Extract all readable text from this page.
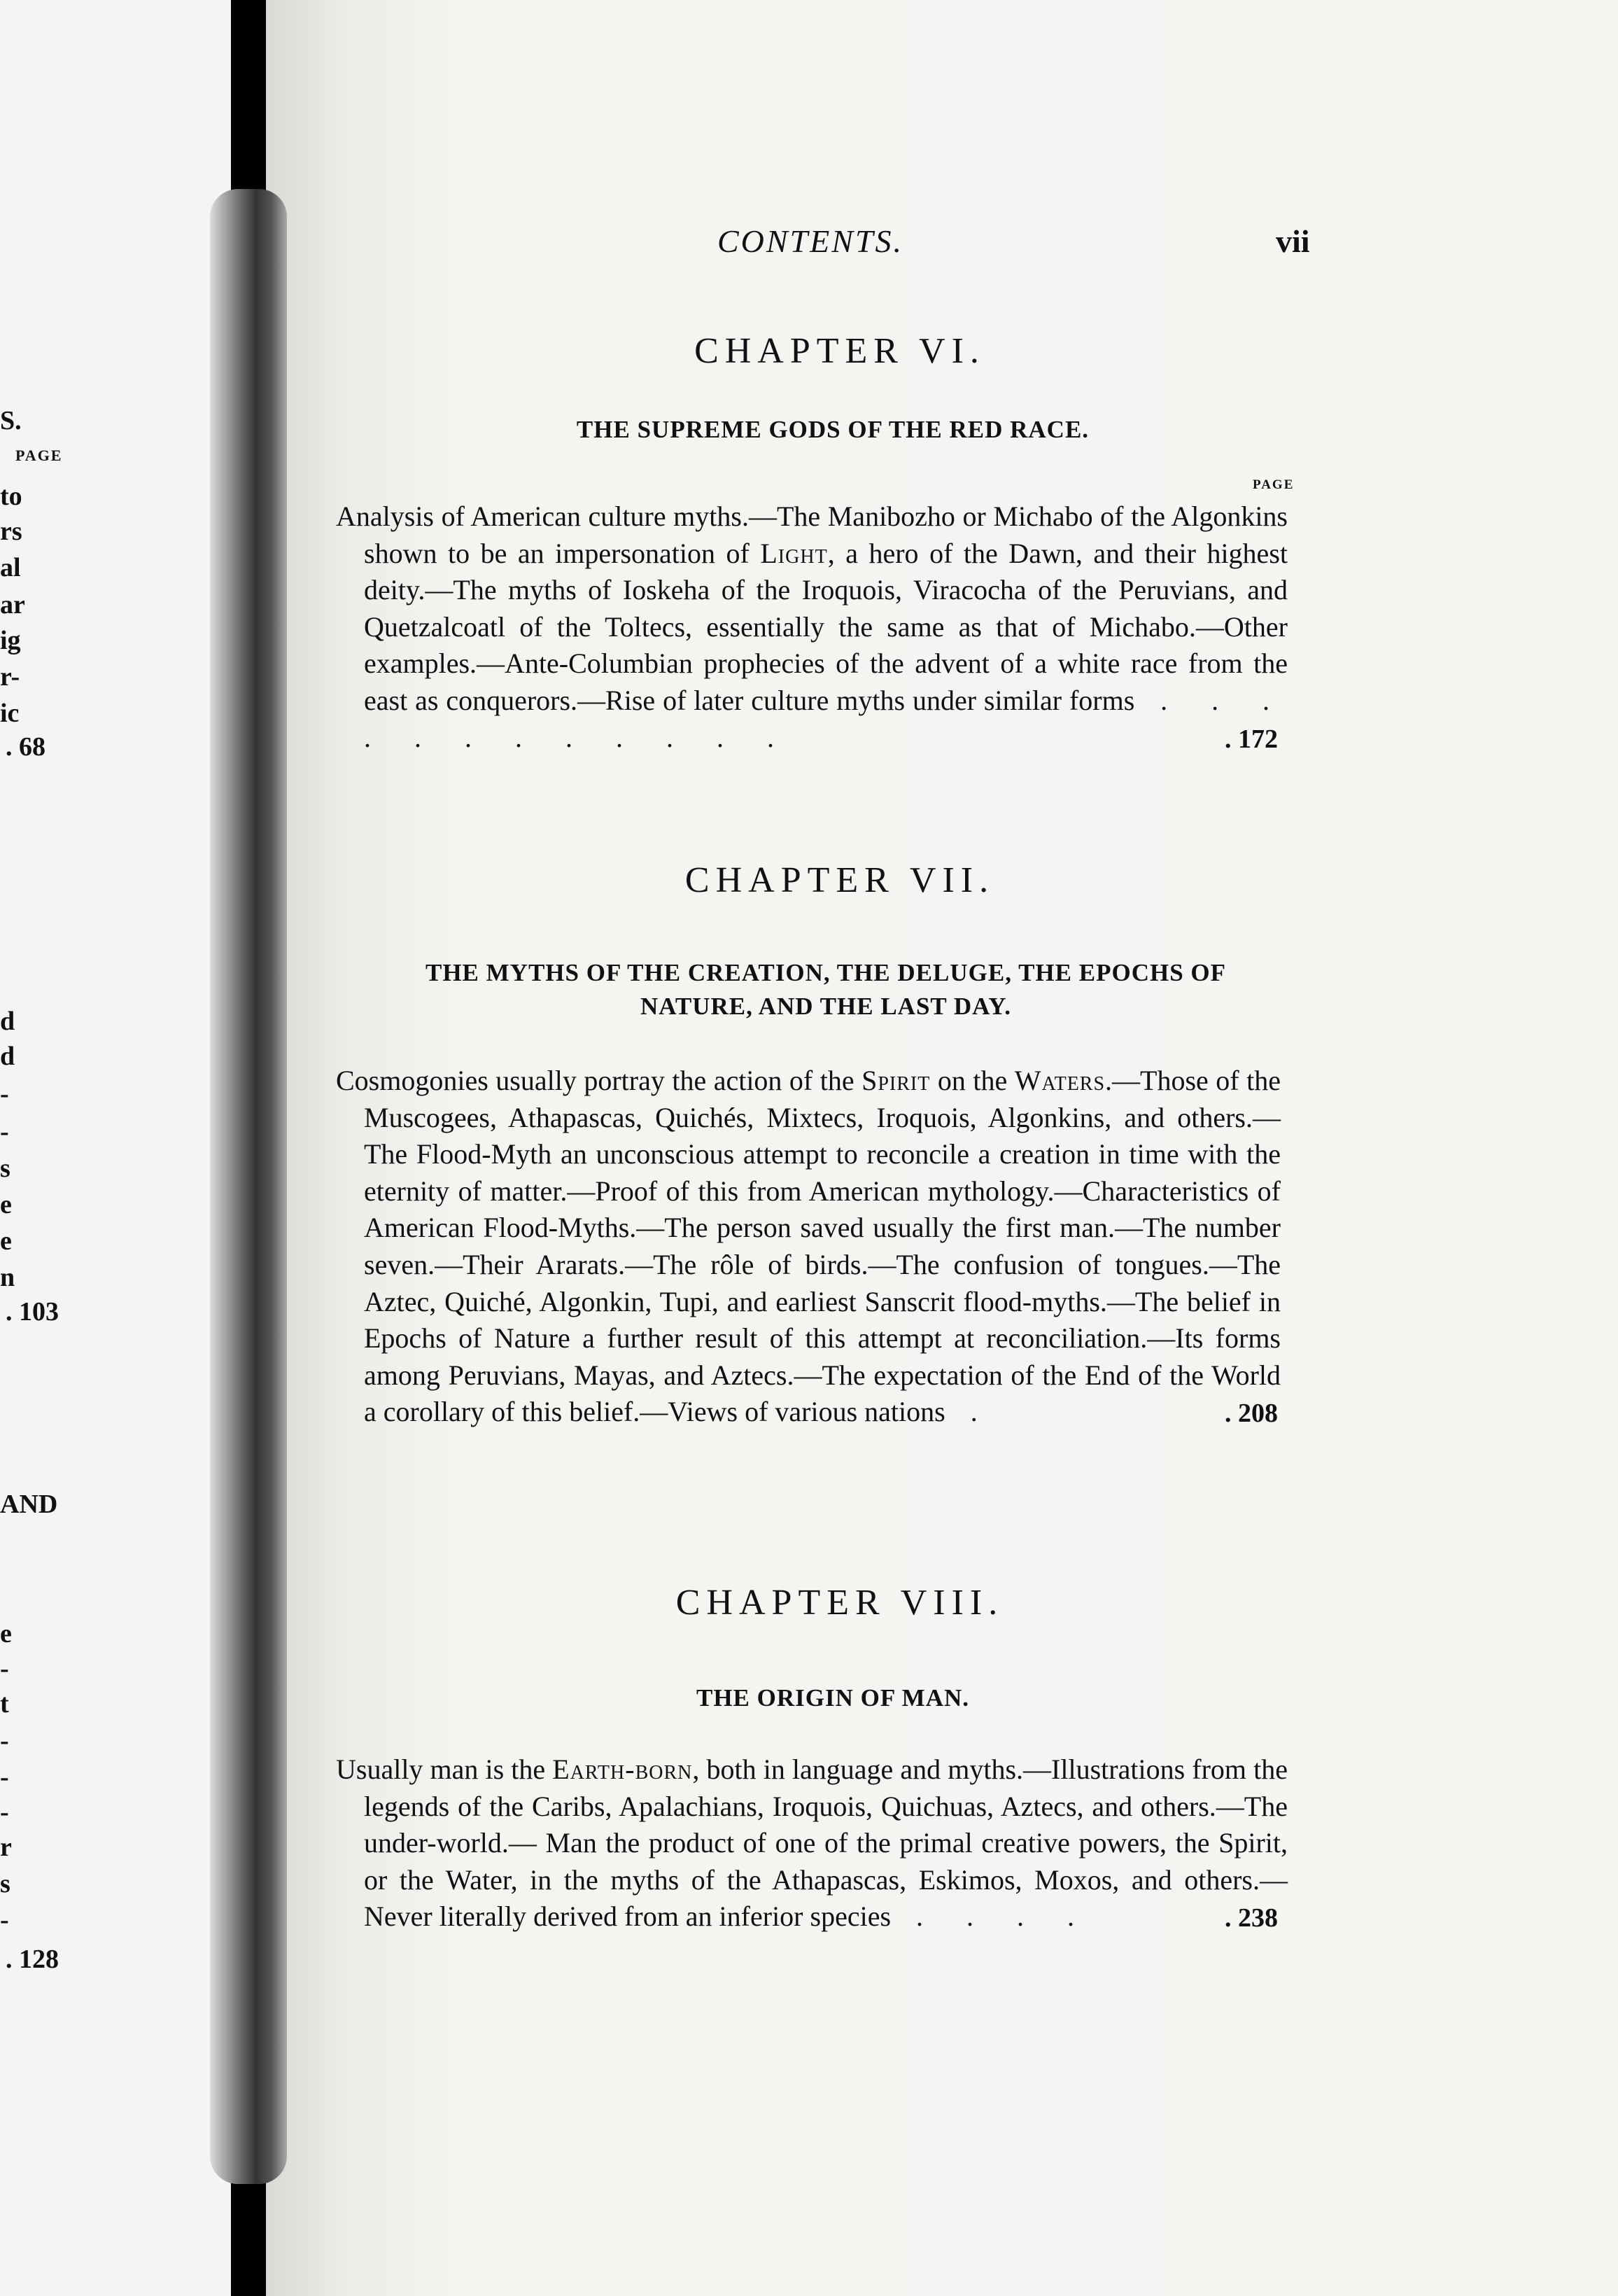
S.
PAGE
to
rs
al
ar
ig
r-
ic
. 68
d
d
-
-
s
e
e
n
. 103
AND
e
-
t
-
-
-
r
s
-
. 128
CONTENTS.	vii
CHAPTER VI.
THE SUPREME GODS OF THE RED RACE.
PAGE
Analysis of American culture myths.—The Manibozho or Michabo of the Algonkins shown to be an impersonation of Light, a hero of the Dawn, and their highest deity.—The myths of Ioskeha of the Iroquois, Viracocha of the Peruvians, and Quetzalcoatl of the Toltecs, essentially the same as that of Michabo.—Other examples.—Ante-Columbian prophecies of the advent of a white race from the east as conquerors.—Rise of later culture myths under similar forms . . . . . . . . . . . .	. 172
CHAPTER VII.
THE MYTHS OF THE CREATION, THE DELUGE, THE EPOCHS OF
NATURE, AND THE LAST DAY.
Cosmogonies usually portray the action of the Spirit on the Waters.—Those of the Muscogees, Athapascas, Quichés, Mixtecs, Iroquois, Algonkins, and others.—The Flood-Myth an unconscious attempt to reconcile a creation in time with the eternity of matter.—Proof of this from American mythology.—Characteristics of American Flood-Myths.—The person saved usually the first man.—The number seven.—Their Ararats.—The rôle of birds.—The confusion of tongues.—The Aztec, Quiché, Algonkin, Tupi, and earliest Sanscrit flood-myths.—The belief in Epochs of Nature a further result of this attempt at reconciliation.—Its forms among Peruvians, Mayas, and Aztecs.—The expectation of the End of the World a corollary of this belief.—Views of various nations .	. 208
CHAPTER VIII.
THE ORIGIN OF MAN.
Usually man is the Earth-born, both in language and myths.—Illustrations from the legends of the Caribs, Apalachians, Iroquois, Quichuas, Aztecs, and others.—The under-world.— Man the product of one of the primal creative powers, the Spirit, or the Water, in the myths of the Athapascas, Eskimos, Moxos, and others.—Never literally derived from an inferior species . . . .	. 238
